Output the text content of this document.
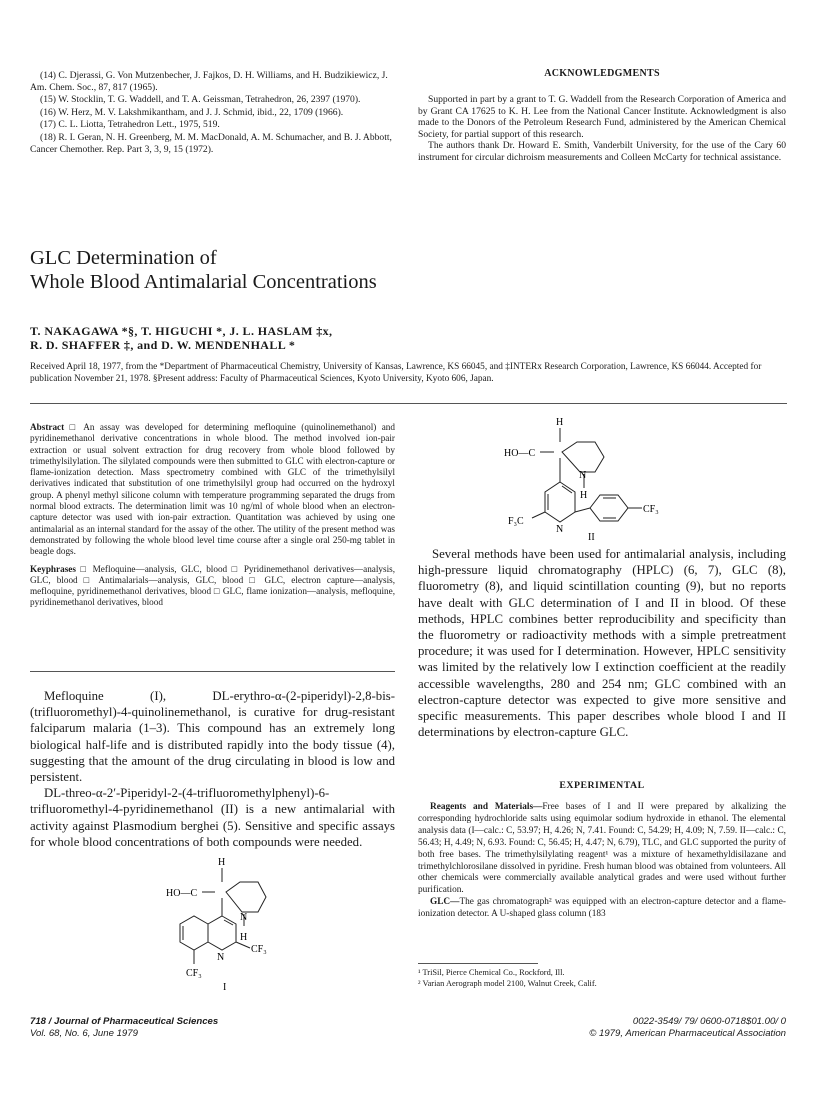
(14) C. Djerassi, G. Von Mutzenbecher, J. Fajkos, D. H. Williams, and H. Budzikiewicz, J. Am. Chem. Soc., 87, 817 (1965).

(15) W. Stocklin, T. G. Waddell, and T. A. Geissman, Tetrahedron, 26, 2397 (1970).

(16) W. Herz, M. V. Lakshmikantham, and J. J. Schmid, ibid., 22, 1709 (1966).

(17) C. L. Liotta, Tetrahedron Lett., 1975, 519.

(18) R. I. Geran, N. H. Greenberg, M. M. MacDonald, A. M. Schumacher, and B. J. Abbott, Cancer Chemother. Rep. Part 3, 3, 9, 15 (1972).

ACKNOWLEDGMENTS

Supported in part by a grant to T. G. Waddell from the Research Corporation of America and by Grant CA 17625 to K. H. Lee from the National Cancer Institute. Acknowledgment is also made to the Donors of the Petroleum Research Fund, administered by the American Chemical Society, for partial support of this research.

The authors thank Dr. Howard E. Smith, Vanderbilt University, for the use of the Cary 60 instrument for circular dichroism measurements and Colleen McCarty for technical assistance.

GLC Determination of
Whole Blood Antimalarial Concentrations
T. NAKAGAWA *§, T. HIGUCHI *, J. L. HASLAM ‡x,
R. D. SHAFFER ‡, and D. W. MENDENHALL *
Received April 18, 1977, from the *Department of Pharmaceutical Chemistry, University of Kansas, Lawrence, KS 66045, and ‡INTERx Research Corporation, Lawrence, KS 66044. Accepted for publication November 21, 1978. §Present address: Faculty of Pharmaceutical Sciences, Kyoto University, Kyoto 606, Japan.

Abstract □ An assay was developed for determining mefloquine (quinolinemethanol) and pyridinemethanol derivative concentrations in whole blood. The method involved ion-pair extraction or usual solvent extraction for drug recovery from whole blood followed by trimethylsilylation. The silylated compounds were then submitted to GLC with electron-capture or flame-ionization detection. Mass spectrometry combined with GLC of the trimethylsilyl derivatives indicated that substitution of one trimethylsilyl group had occurred on the hydroxyl group. A phenyl methyl silicone column with temperature programming separated the drugs from normal blood extracts. The determination limit was 10 ng/ml of whole blood when an electron-capture detector was used with ion-pair extraction. Quantitation was achieved by using one antimalarial as an internal standard for the assay of the other. The utility of the present method was demonstrated by following the whole blood level time course after a single oral 250-mg tablet in beagle dogs.

Keyphrases □ Mefloquine—analysis, GLC, blood □ Pyridinemethanol derivatives—analysis, GLC, blood □ Antimalarials—analysis, GLC, blood □ GLC, electron capture—analysis, mefloquine, pyridinemethanol derivatives, blood □ GLC, flame ionization—analysis, mefloquine, pyridinemethanol derivatives, blood

Mefloquine (I), DL-erythro-α-(2-piperidyl)-2,8-bis-(trifluoromethyl)-4-quinolinemethanol, is curative for drug-resistant falciparum malaria (1–3). This compound has an extremely long biological half-life and is distributed rapidly into the body tissue (4), suggesting that the amount of the drug circulating in blood is low and persistent.

DL-threo-α-2′-Piperidyl-2-(4-trifluoromethylphenyl)-6-trifluoromethyl-4-pyridinemethanol (II) is a new antimalarial with activity against Plasmodium berghei (5). Sensitive and specific assays for whole blood concentrations of both compounds were needed.

H
HO—C
N
H
F₃C
N
CF₃
II

Several methods have been used for antimalarial analysis, including high-pressure liquid chromatography (HPLC) (6, 7), GLC (8), fluorometry (8), and liquid scintillation counting (9), but no reports have dealt with GLC determination of I and II in blood. Of these methods, HPLC combines better reproducibility and specificity than the fluorometry or radioactivity methods with a simple pretreatment procedure; it was used for I determination. However, HPLC sensitivity was limited by the relatively low I extinction coefficient at the readily accessible wavelengths, 280 and 254 nm; GLC combined with an electron-capture detector was expected to give more sensitive and specific measurements. This paper describes whole blood I and II determinations by electron-capture GLC.

EXPERIMENTAL

Reagents and Materials—Free bases of I and II were prepared by alkalizing the corresponding hydrochloride salts using equimolar sodium hydroxide in ethanol. The elemental analysis data (I—calc.: C, 53.97; H, 4.26; N, 7.41. Found: C, 54.29; H, 4.09; N, 7.59. II—calc.: C, 56.43; H, 4.49; N, 6.93. Found: C, 56.45; H, 4.47; N, 6.79), TLC, and GLC supported the purity of both free bases. The trimethylsilylating reagent¹ was a mixture of hexamethyldisilazane and trimethylchlorosilane dissolved in pyridine. Fresh human blood was obtained from volunteers. All other chemicals were commercially available analytical grades and were used without further purification.

GLC—The gas chromatograph² was equipped with an electron-capture detector and a flame-ionization detector. A U-shaped glass column (183

H
HO—C
N
H
N
CF₃
CF₃
I
¹ TriSil, Pierce Chemical Co., Rockford, Ill.
² Varian Aerograph model 2100, Walnut Creek, Calif.
718 / Journal of Pharmaceutical Sciences
Vol. 68, No. 6, June 1979
0022-3549/ 79/ 0600-0718$01.00/ 0
© 1979, American Pharmaceutical Association
